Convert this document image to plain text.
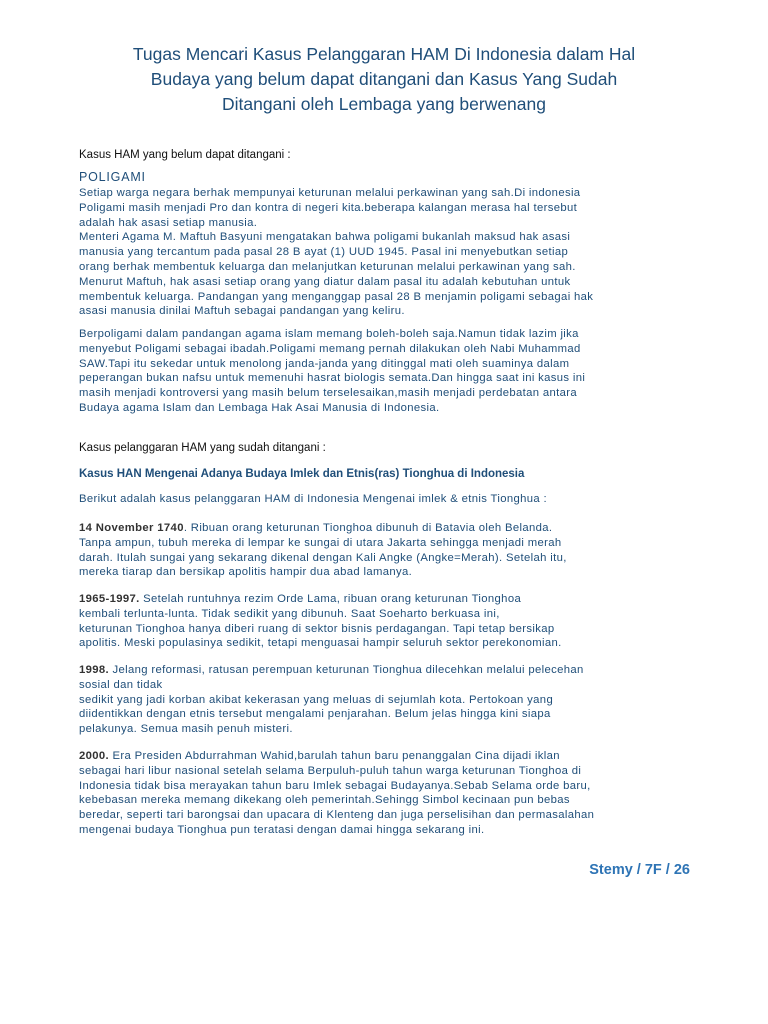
Tugas Mencari Kasus Pelanggaran HAM Di Indonesia dalam Hal
Budaya yang belum dapat ditangani dan Kasus Yang Sudah
Ditangani oleh Lembaga yang berwenang
Kasus HAM yang belum dapat ditangani :
POLIGAMI
Setiap warga negara berhak mempunyai keturunan melalui perkawinan yang sah.Di indonesia
Poligami masih menjadi Pro dan kontra di negeri kita.beberapa kalangan merasa hal tersebut
adalah hak asasi setiap manusia.
Menteri Agama M. Maftuh Basyuni mengatakan bahwa poligami bukanlah maksud hak asasi
manusia yang tercantum pada pasal 28 B ayat (1) UUD 1945. Pasal ini menyebutkan setiap
orang berhak membentuk keluarga dan melanjutkan keturunan melalui perkawinan yang sah.
Menurut Maftuh, hak asasi setiap orang yang diatur dalam pasal itu adalah kebutuhan untuk
membentuk keluarga. Pandangan yang menganggap pasal 28 B menjamin poligami sebagai hak
asasi manusia dinilai Maftuh sebagai pandangan yang keliru.
Berpoligami dalam pandangan agama islam memang boleh-boleh saja.Namun tidak lazim jika
menyebut Poligami sebagai ibadah.Poligami memang pernah dilakukan oleh Nabi Muhammad
SAW.Tapi itu sekedar untuk menolong janda-janda yang ditinggal mati oleh suaminya dalam
peperangan bukan nafsu untuk memenuhi hasrat biologis semata.Dan hingga saat ini kasus ini
masih menjadi kontroversi yang masih belum terselesaikan,masih menjadi perdebatan antara
Budaya agama Islam dan Lembaga Hak Asai Manusia di Indonesia.
Kasus pelanggaran HAM yang sudah ditangani :
Kasus HAN Mengenai Adanya Budaya Imlek dan Etnis(ras) Tionghua di Indonesia
Berikut adalah kasus pelanggaran HAM di Indonesia Mengenai imlek & etnis Tionghua :
14 November 1740. Ribuan orang keturunan Tionghoa dibunuh di Batavia oleh Belanda.
Tanpa ampun, tubuh mereka di lempar ke sungai di utara Jakarta sehingga menjadi merah
darah. Itulah sungai yang sekarang dikenal dengan Kali Angke (Angke=Merah). Setelah itu,
mereka tiarap dan bersikap apolitis hampir dua abad lamanya.
1965-1997. Setelah runtuhnya rezim Orde Lama, ribuan orang keturunan Tionghoa
kembali terlunta-lunta. Tidak sedikit yang dibunuh. Saat Soeharto berkuasa ini,
keturunan Tionghoa hanya diberi ruang di sektor bisnis perdagangan. Tapi tetap bersikap
apolitis. Meski populasinya sedikit, tetapi menguasai hampir seluruh sektor perekonomian.
1998. Jelang reformasi, ratusan perempuan keturunan Tionghua dilecehkan melalui pelecehan
sosial dan tidak
sedikit yang jadi korban akibat kekerasan yang meluas di sejumlah kota. Pertokoan yang
diidentikkan dengan etnis tersebut mengalami penjarahan. Belum jelas hingga kini siapa
pelakunya. Semua masih penuh misteri.
2000. Era Presiden Abdurrahman Wahid,barulah tahun baru penanggalan Cina dijadi iklan
sebagai hari libur nasional setelah selama Berpuluh-puluh tahun warga keturunan Tionghoa di
Indonesia tidak bisa merayakan tahun baru Imlek sebagai Budayanya.Sebab Selama orde baru,
kebebasan mereka memang dikekang oleh pemerintah.Sehingg Simbol kecinaan pun bebas
beredar, seperti tari barongsai dan upacara di Klenteng dan juga perselisihan dan permasalahan
mengenai budaya Tionghua pun teratasi dengan damai hingga sekarang ini.
Stemy / 7F / 26
